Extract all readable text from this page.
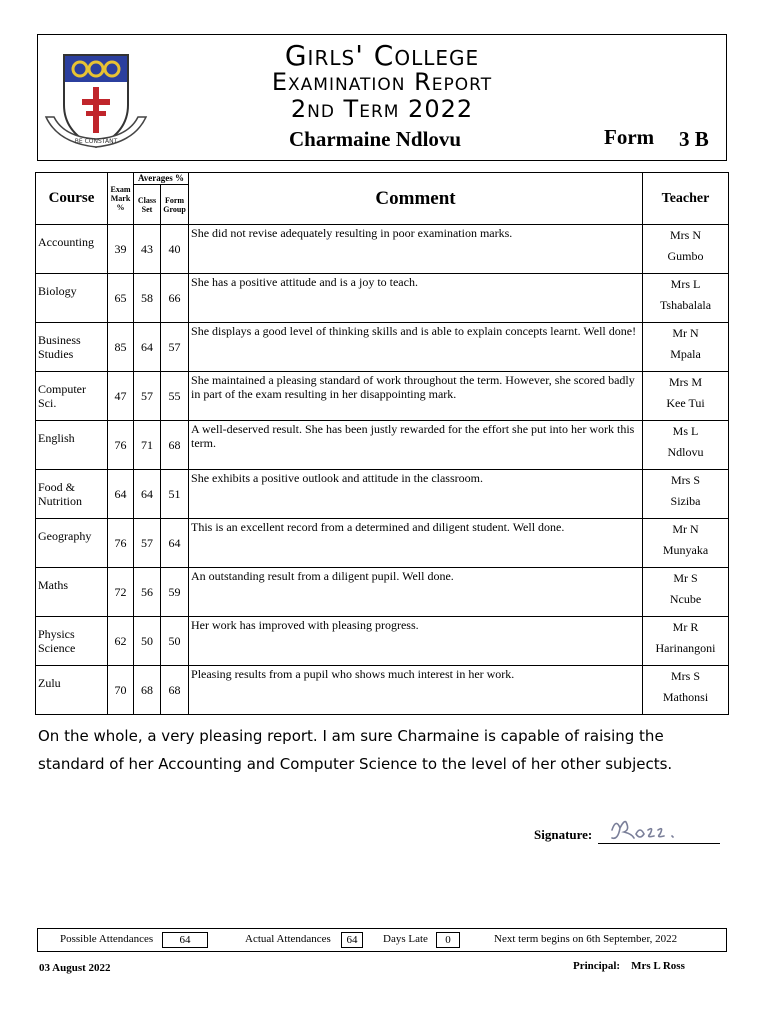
BE CONSTANT
Girls' College
Examination Report
2nd Term 2022
Charmaine Ndlovu	Form 3 B
Course	Exam Mark %	Averages %		Comment	Teacher
		Class Set	Form Group		
Accounting	39	43	40	She did not revise adequately resulting in poor examination marks.	Mrs N
Gumbo

Biology	65	58	66	She has a positive attitude and is a joy to teach.	Mrs L
Tshabalala

Business Studies	85	64	57	She displays a good level of thinking skills and is able to explain concepts learnt. Well done!	Mr N
Mpala

Computer Sci.	47	57	55	She maintained a pleasing standard of work throughout the term. However, she scored badly in part of the exam resulting in her disappointing mark.	Mrs M
Kee Tui

English	76	71	68	A well-deserved result. She has been justly rewarded for the effort she put into her work this term.	Ms L
Ndlovu

Food & Nutrition	64	64	51	She exhibits a positive outlook and attitude in the classroom.	Mrs S
Siziba

Geography	76	57	64	This is an excellent record from a determined and diligent student. Well done.	Mr N
Munyaka

Maths	72	56	59	An outstanding result from a diligent pupil. Well done.	Mr S
Ncube

Physics Science	62	50	50	Her work has improved with pleasing progress.	Mr R
Harinangoni

Zulu	70	68	68	Pleasing results from a pupil who shows much interest in her work.	Mrs S
Mathonsi
On the whole, a very pleasing report. I am sure Charmaine is capable of raising the standard of her Accounting and Computer Science to the level of her other subjects.
Signature:
Possible Attendances	64	Actual Attendances	64	Days Late	0	Next term begins on 6th September, 2022
03 August 2022	Principal: Mrs L Ross
